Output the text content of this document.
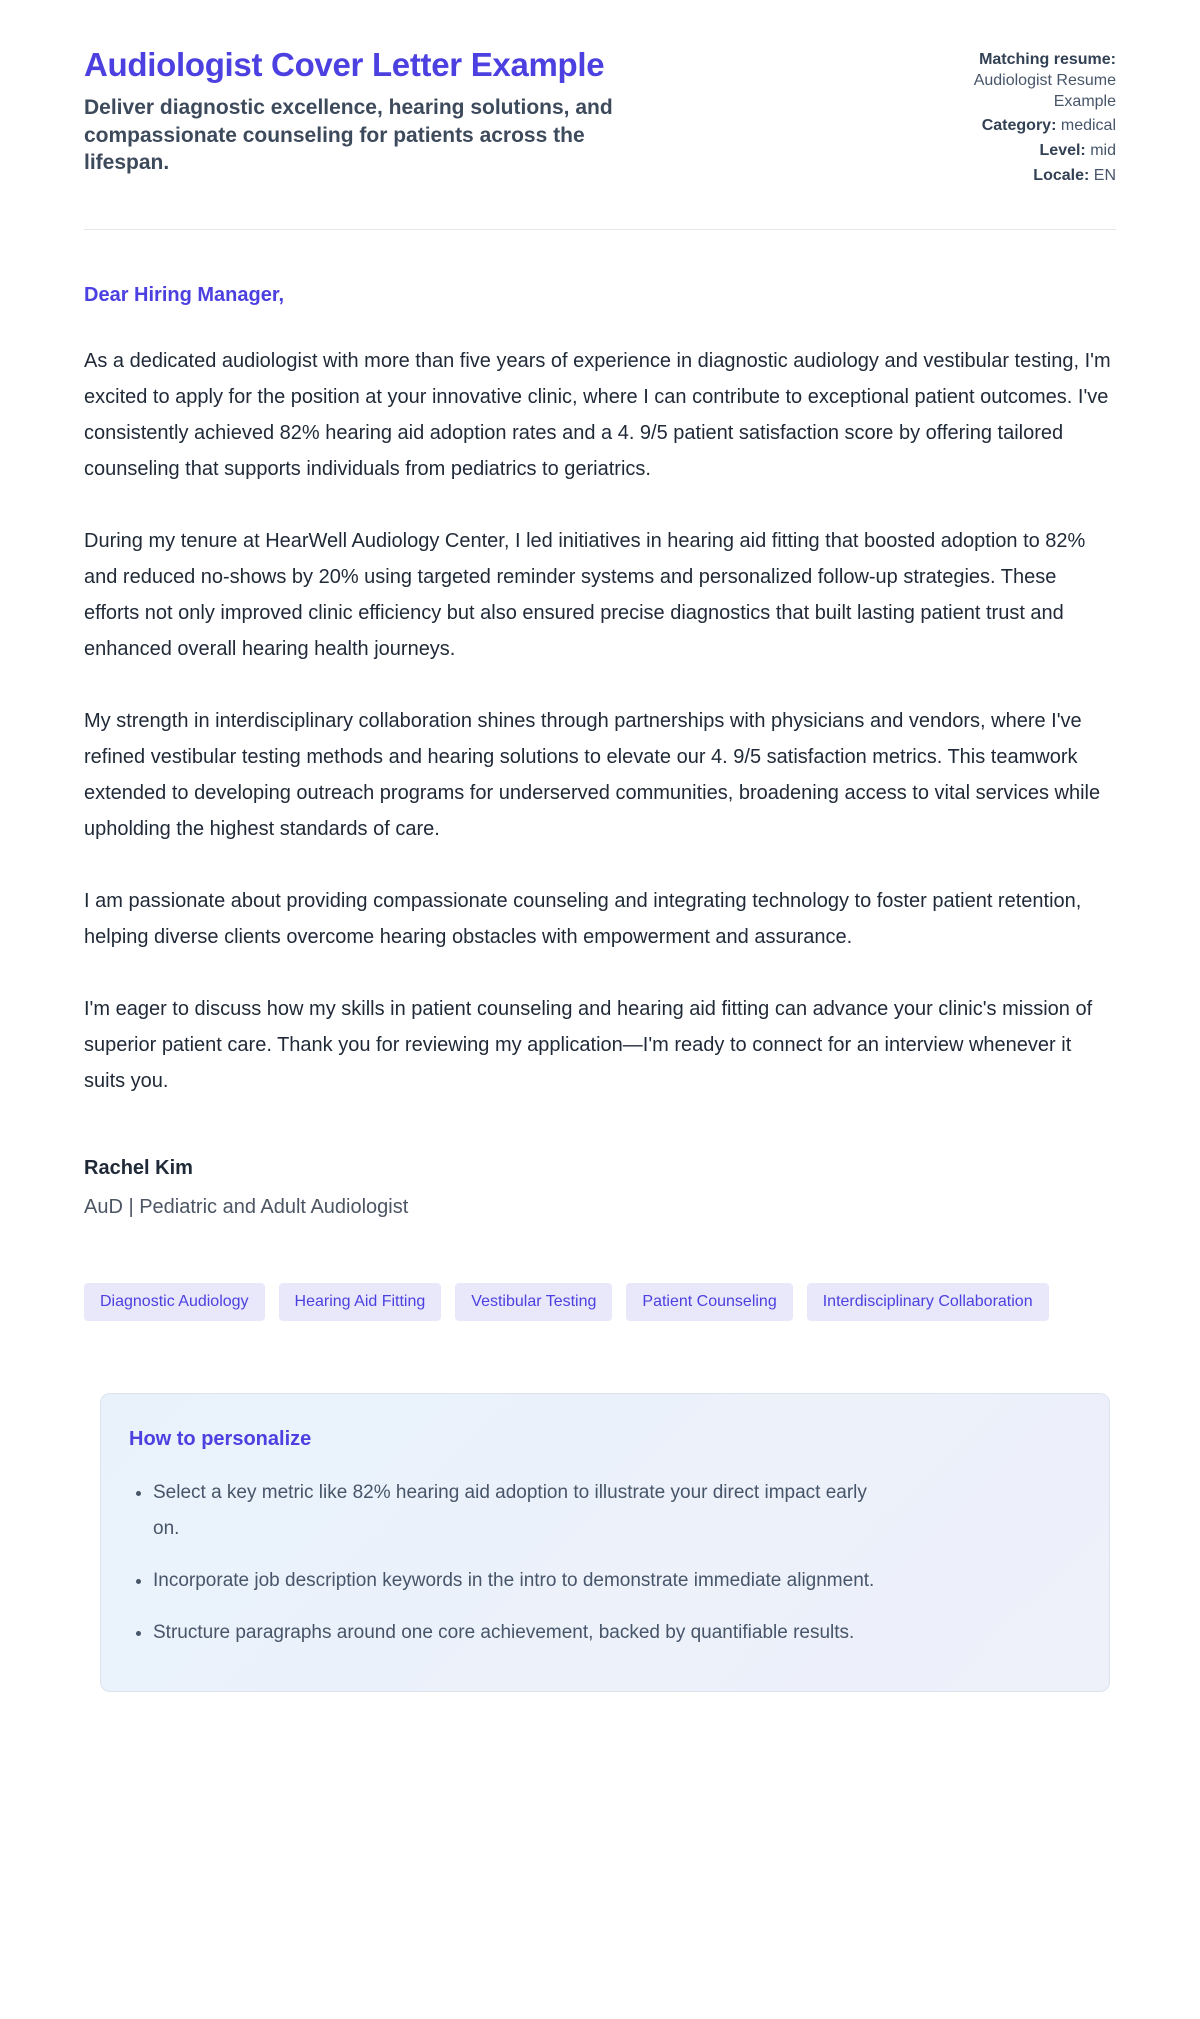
Audiologist Cover Letter Example

Deliver diagnostic excellence, hearing solutions, and compassionate counseling for patients across the lifespan.

Matching resume:
Audiologist Resume Example
Category: medical
Level: mid
Locale: EN

Dear Hiring Manager,

As a dedicated audiologist with more than five years of experience in diagnostic audiology and vestibular testing, I'm excited to apply for the position at your innovative clinic, where I can contribute to exceptional patient outcomes. I've consistently achieved 82% hearing aid adoption rates and a 4. 9/5 patient satisfaction score by offering tailored counseling that supports individuals from pediatrics to geriatrics.

During my tenure at HearWell Audiology Center, I led initiatives in hearing aid fitting that boosted adoption to 82% and reduced no-shows by 20% using targeted reminder systems and personalized follow-up strategies. These efforts not only improved clinic efficiency but also ensured precise diagnostics that built lasting patient trust and enhanced overall hearing health journeys.

My strength in interdisciplinary collaboration shines through partnerships with physicians and vendors, where I've refined vestibular testing methods and hearing solutions to elevate our 4. 9/5 satisfaction metrics. This teamwork extended to developing outreach programs for underserved communities, broadening access to vital services while upholding the highest standards of care.

I am passionate about providing compassionate counseling and integrating technology to foster patient retention, helping diverse clients overcome hearing obstacles with empowerment and assurance.

I'm eager to discuss how my skills in patient counseling and hearing aid fitting can advance your clinic's mission of superior patient care. Thank you for reviewing my application—I'm ready to connect for an interview whenever it suits you.

Rachel Kim

AuD | Pediatric and Adult Audiologist

Diagnostic Audiology	Hearing Aid Fitting	Vestibular Testing	Patient Counseling	Interdisciplinary Collaboration
How to personalize
• Select a key metric like 82% hearing aid adoption to illustrate your direct impact early on.
• Incorporate job description keywords in the intro to demonstrate immediate alignment.
• Structure paragraphs around one core achievement, backed by quantifiable results.
